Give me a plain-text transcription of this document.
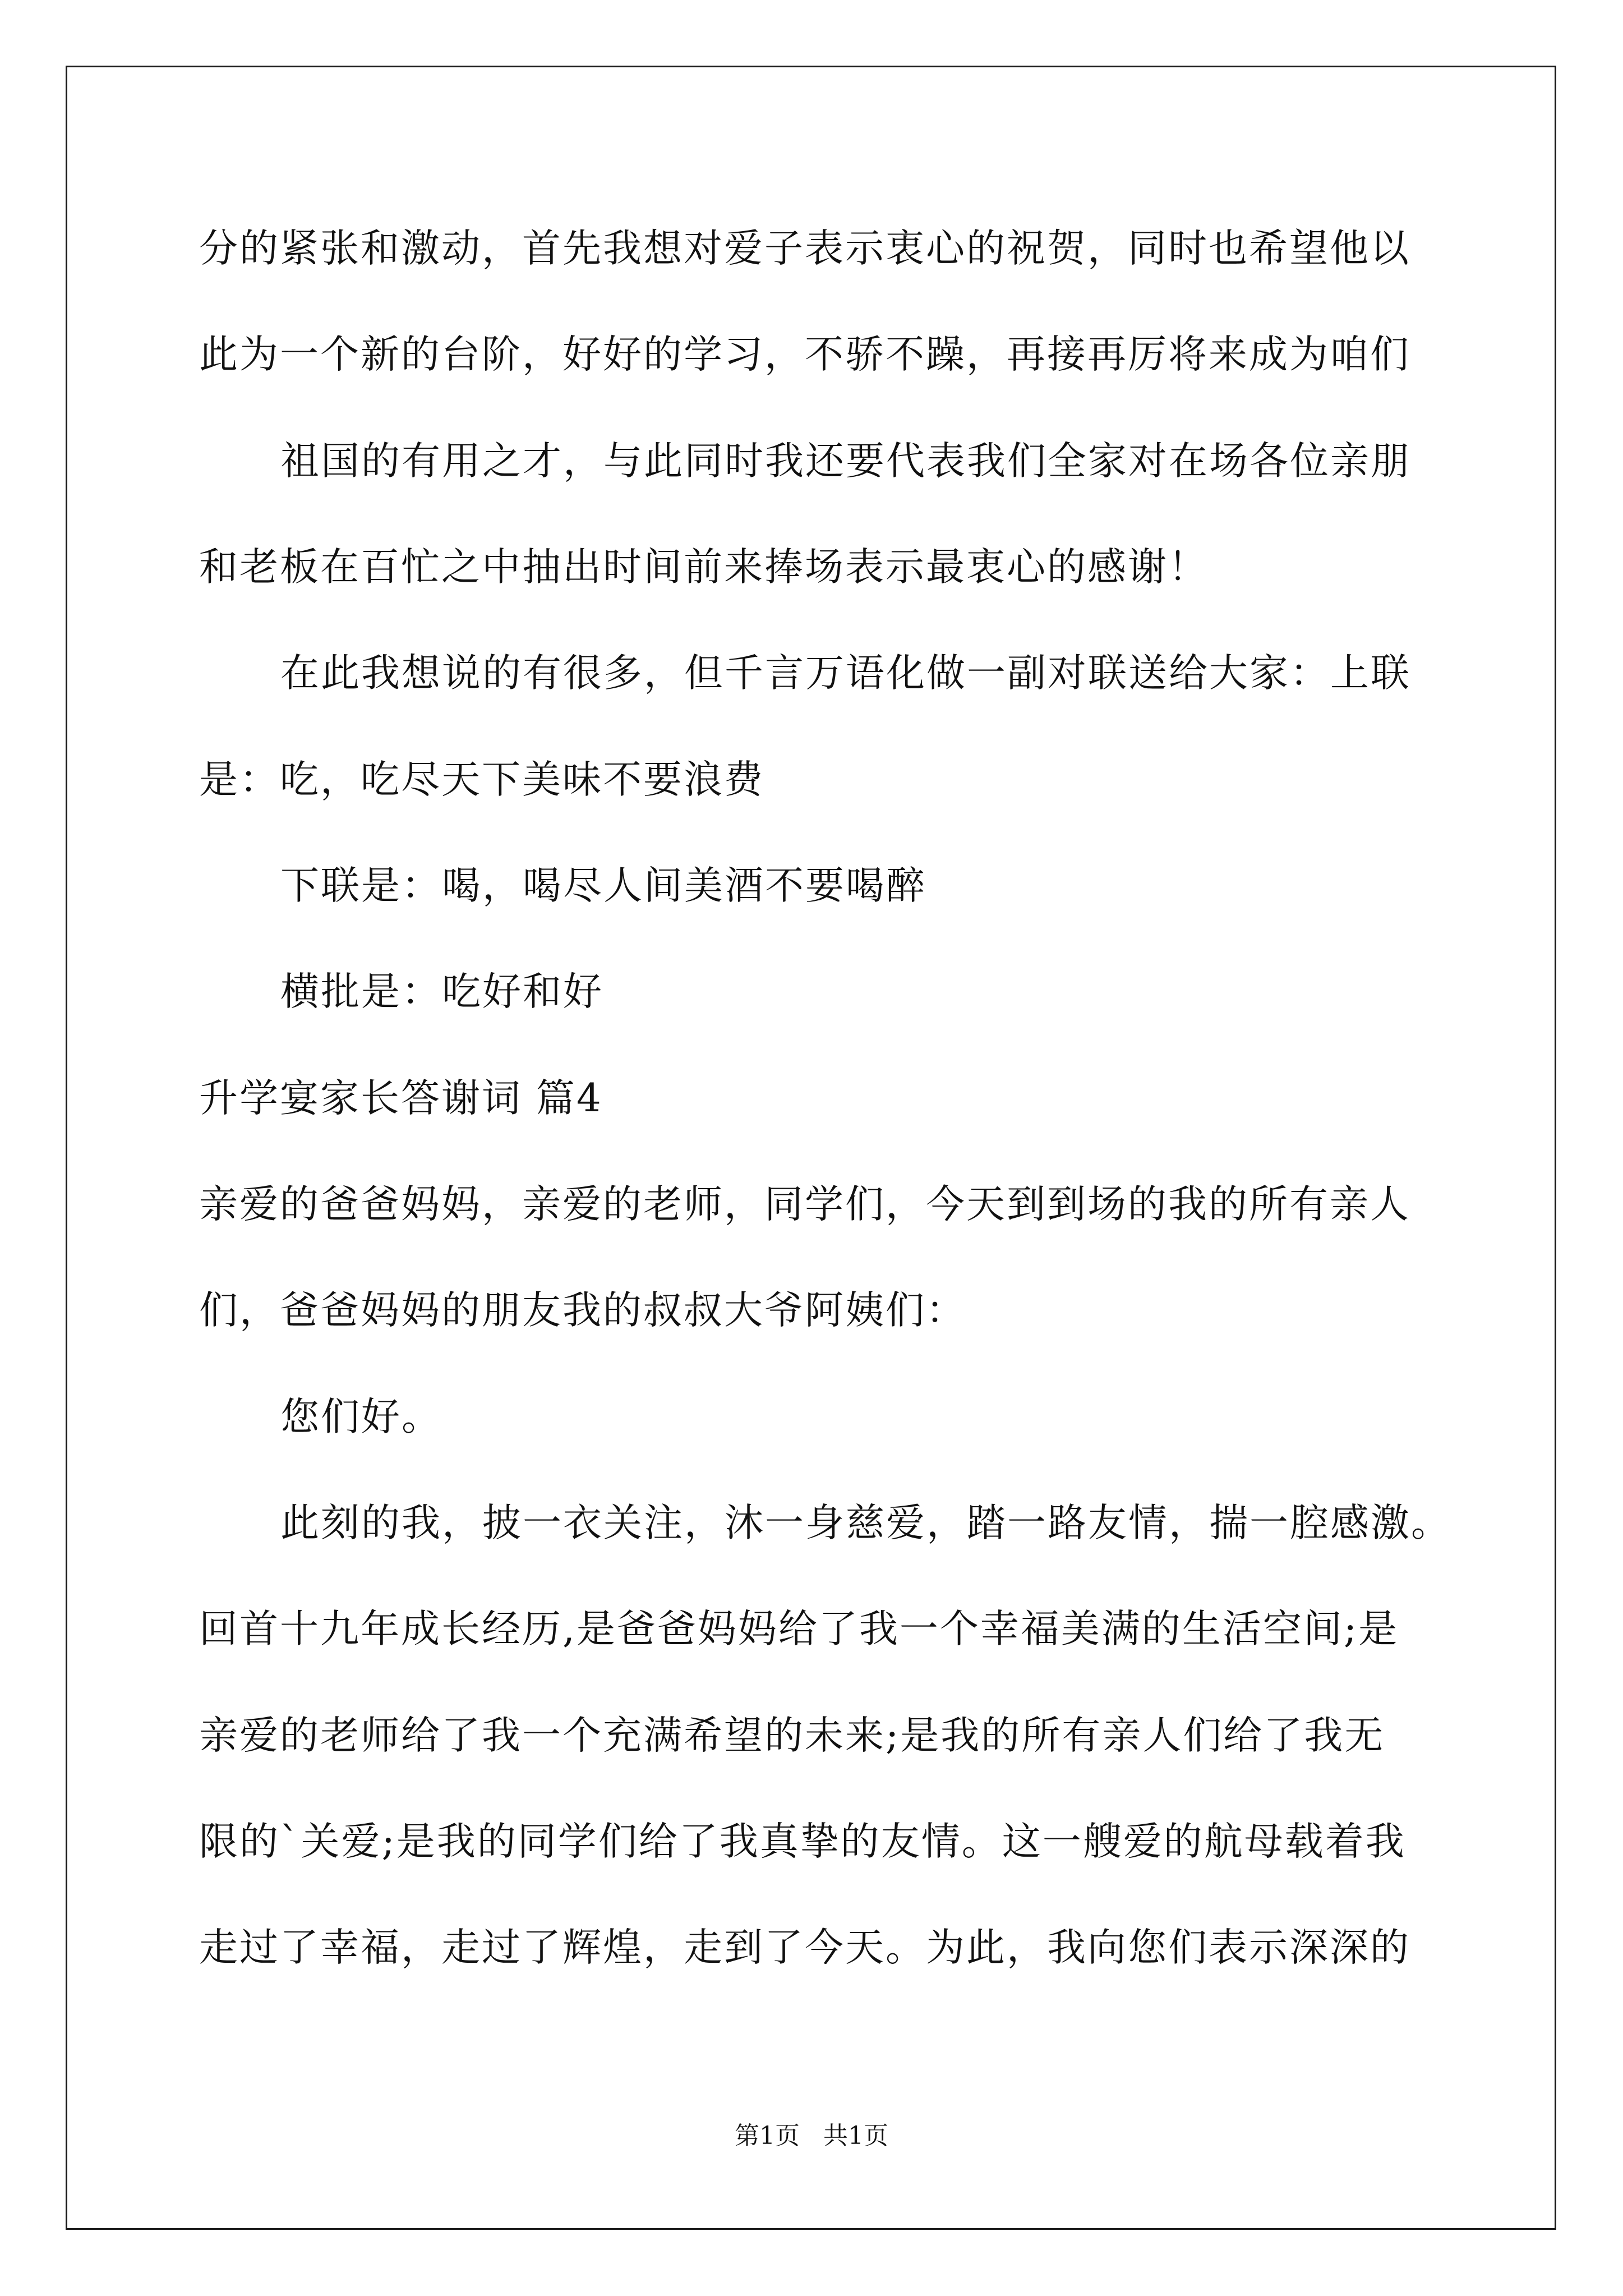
分的紧张和激动，首先我想对爱子表示衷心的祝贺，同时也希望他以
此为一个新的台阶，好好的学习，不骄不躁，再接再厉将来成为咱们
祖国的有用之才，与此同时我还要代表我们全家对在场各位亲朋
和老板在百忙之中抽出时间前来捧场表示最衷心的感谢！
在此我想说的有很多，但千言万语化做一副对联送给大家：上联
是：吃，吃尽天下美味不要浪费
下联是：喝，喝尽人间美酒不要喝醉
横批是：吃好和好
升学宴家长答谢词 篇4
亲爱的爸爸妈妈，亲爱的老师，同学们，今天到到场的我的所有亲人
们，爸爸妈妈的朋友我的叔叔大爷阿姨们：
您们好。
此刻的我，披一衣关注，沐一身慈爱，踏一路友情，揣一腔感激。
回首十九年成长经历,是爸爸妈妈给了我一个幸福美满的生活空间;是
亲爱的老师给了我一个充满希望的未来;是我的所有亲人们给了我无
限的`关爱;是我的同学们给了我真挚的友情。这一艘爱的航母载着我
走过了幸福，走过了辉煌，走到了今天。为此，我向您们表示深深的
第1页   共1页
